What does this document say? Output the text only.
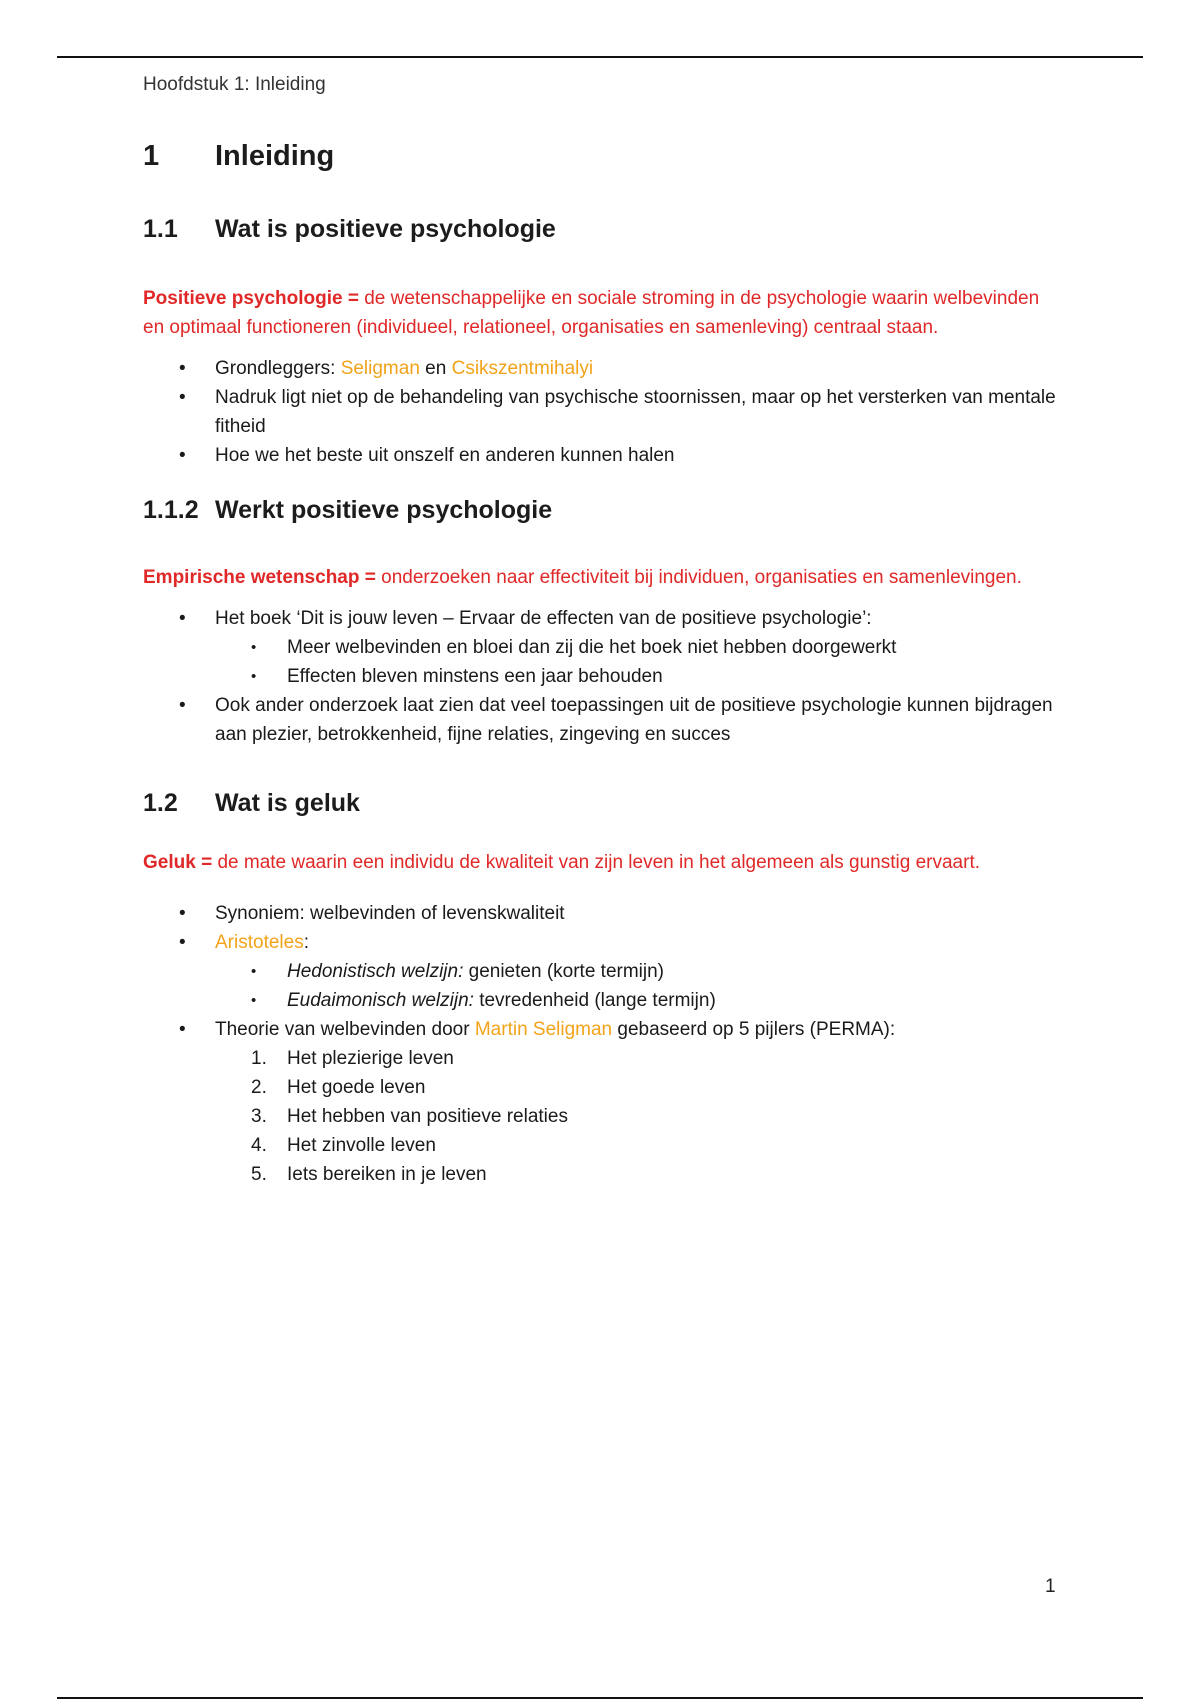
Hoofdstuk 1: Inleiding
1	Inleiding
1.1	Wat is positieve psychologie

Positieve psychologie = de wetenschappelijke en sociale stroming in de psychologie waarin welbevinden en optimaal functioneren (individueel, relationeel, organisaties en samenleving) centraal staan.

• Grondleggers: Seligman en Csikszentmihalyi
• Nadruk ligt niet op de behandeling van psychische stoornissen, maar op het versterken van mentale fitheid
• Hoe we het beste uit onszelf en anderen kunnen halen
1.1.2 Werkt positieve psychologie

Empirische wetenschap = onderzoeken naar effectiviteit bij individuen, organisaties en samenlevingen.

• Het boek ‘Dit is jouw leven – Ervaar de effecten van de positieve psychologie’:
• Meer welbevinden en bloei dan zij die het boek niet hebben doorgewerkt
• Effecten bleven minstens een jaar behouden
• Ook ander onderzoek laat zien dat veel toepassingen uit de positieve psychologie kunnen bijdragen aan plezier, betrokkenheid, fijne relaties, zingeving en succes
1.2	Wat is geluk

Geluk = de mate waarin een individu de kwaliteit van zijn leven in het algemeen als gunstig ervaart.

• Synoniem: welbevinden of levenskwaliteit
• Aristoteles:
• Hedonistisch welzijn: genieten (korte termijn)
• Eudaimonisch welzijn: tevredenheid (lange termijn)
• Theorie van welbevinden door Martin Seligman gebaseerd op 5 pijlers (PERMA):
1. Het plezierige leven
2. Het goede leven
3. Het hebben van positieve relaties
4. Het zinvolle leven
5. Iets bereiken in je leven
1
